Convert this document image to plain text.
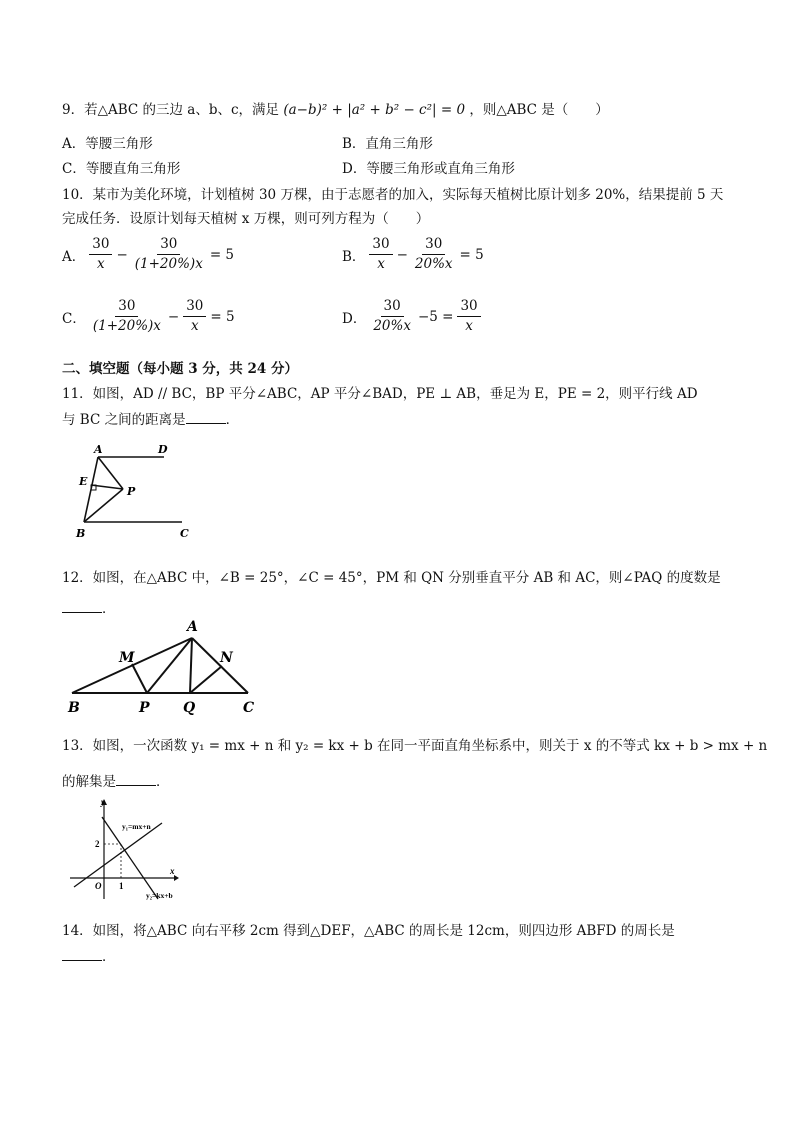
9．若△ABC 的三边 a、b、c，满足 (a−b)² + |a² + b² − c²| = 0 ，则△ABC 是（　　）
A．等腰三角形	B．直角三角形
C．等腰直角三角形	D．等腰三角形或直角三角形
10．某市为美化环境，计划植树 30 万棵，由于志愿者的加入，实际每天植树比原计划多 20%，结果提前 5 天
完成任务．设原计划每天植树 x 万棵，则可列方程为（　　）
A． $\frac{30}{x} - \frac{30}{(1+20\%)x} = 5$	B． $\frac{30}{x} - \frac{30}{20\%x} = 5$
C． $\frac{30}{(1+20\%)x} - \frac{30}{x} = 5$	D． $\frac{30}{20\%x} -5 = \frac{30}{x}$
二、填空题（每小题 3 分，共 24 分）
11．如图，AD // BC，BP 平分∠ABC，AP 平分∠BAD，PE ⊥ AB，垂足为 E，PE = 2，则平行线 AD
与 BC 之间的距离是	．
A	D
E
P
B	C
12．如图，在△ABC 中，∠B = 25°，∠C = 45°，PM 和 QN 分别垂直平分 AB 和 AC，则∠PAQ 的度数是
．
A
M	N
B	P Q	C
13．如图，一次函数 y₁ = mx + n 和 y₂ = kx + b 在同一平面直角坐标系中，则关于 x 的不等式 kx + b > mx + n
的解集是	．
y
x
O
2
1
y₁=mx+n
y₂=kx+b
14．如图，将△ABC 向右平移 2cm 得到△DEF，△ABC 的周长是 12cm，则四边形 ABFD 的周长是
．
